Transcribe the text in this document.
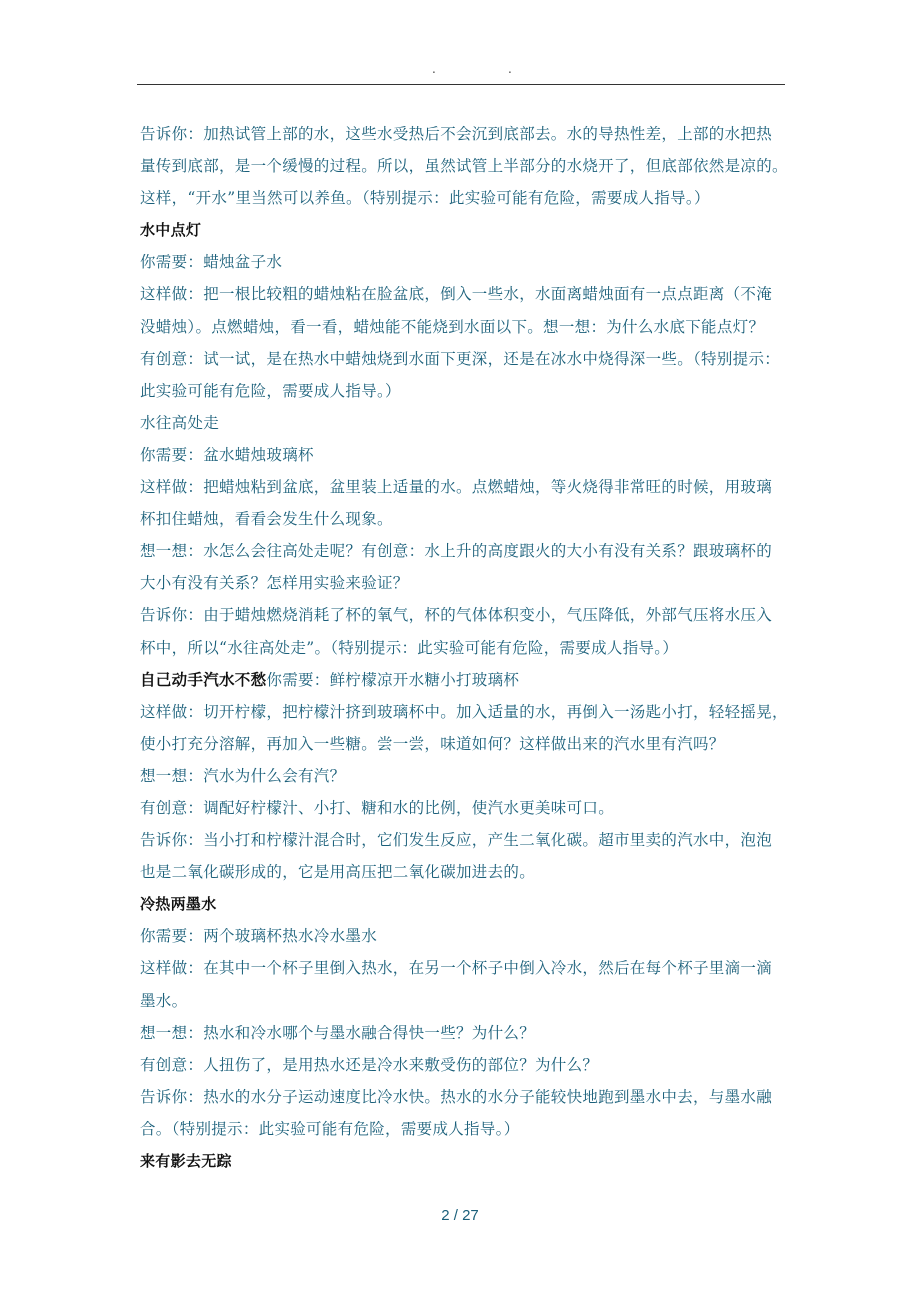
.	.
告诉你：加热试管上部的水，这些水受热后不会沉到底部去。水的导热性差，上部的水把热
量传到底部，是一个缓慢的过程。所以，虽然试管上半部分的水烧开了，但底部依然是凉的。
这样，“开水”里当然可以养鱼。（特别提示：此实验可能有危险，需要成人指导。）
水中点灯
你需要：蜡烛盆子水
这样做：把一根比较粗的蜡烛粘在脸盆底，倒入一些水，水面离蜡烛面有一点点距离（不淹
没蜡烛）。点燃蜡烛，看一看，蜡烛能不能烧到水面以下。想一想：为什么水底下能点灯？
有创意：试一试，是在热水中蜡烛烧到水面下更深，还是在冰水中烧得深一些。（特别提示：
此实验可能有危险，需要成人指导。）
水往高处走
你需要：盆水蜡烛玻璃杯
这样做：把蜡烛粘到盆底，盆里装上适量的水。点燃蜡烛，等火烧得非常旺的时候，用玻璃
杯扣住蜡烛，看看会发生什么现象。
想一想：水怎么会往高处走呢？有创意：水上升的高度跟火的大小有没有关系？跟玻璃杯的
大小有没有关系？怎样用实验来验证？
告诉你：由于蜡烛燃烧消耗了杯的氧气，杯的气体体积变小，气压降低，外部气压将水压入
杯中，所以“水往高处走”。（特别提示：此实验可能有危险，需要成人指导。）
自己动手汽水不愁你需要：鲜柠檬凉开水糖小打玻璃杯
这样做：切开柠檬，把柠檬汁挤到玻璃杯中。加入适量的水，再倒入一汤匙小打，轻轻摇晃，
使小打充分溶解，再加入一些糖。尝一尝，味道如何？这样做出来的汽水里有汽吗？
想一想：汽水为什么会有汽？
有创意：调配好柠檬汁、小打、糖和水的比例，使汽水更美味可口。
告诉你：当小打和柠檬汁混合时，它们发生反应，产生二氧化碳。超市里卖的汽水中，泡泡
也是二氧化碳形成的，它是用高压把二氧化碳加进去的。
冷热两墨水
你需要：两个玻璃杯热水冷水墨水
这样做：在其中一个杯子里倒入热水，在另一个杯子中倒入冷水，然后在每个杯子里滴一滴
墨水。
想一想：热水和冷水哪个与墨水融合得快一些？为什么？
有创意：人扭伤了，是用热水还是冷水来敷受伤的部位？为什么？
告诉你：热水的水分子运动速度比冷水快。热水的水分子能较快地跑到墨水中去，与墨水融
合。（特别提示：此实验可能有危险，需要成人指导。）
来有影去无踪
2 / 27
